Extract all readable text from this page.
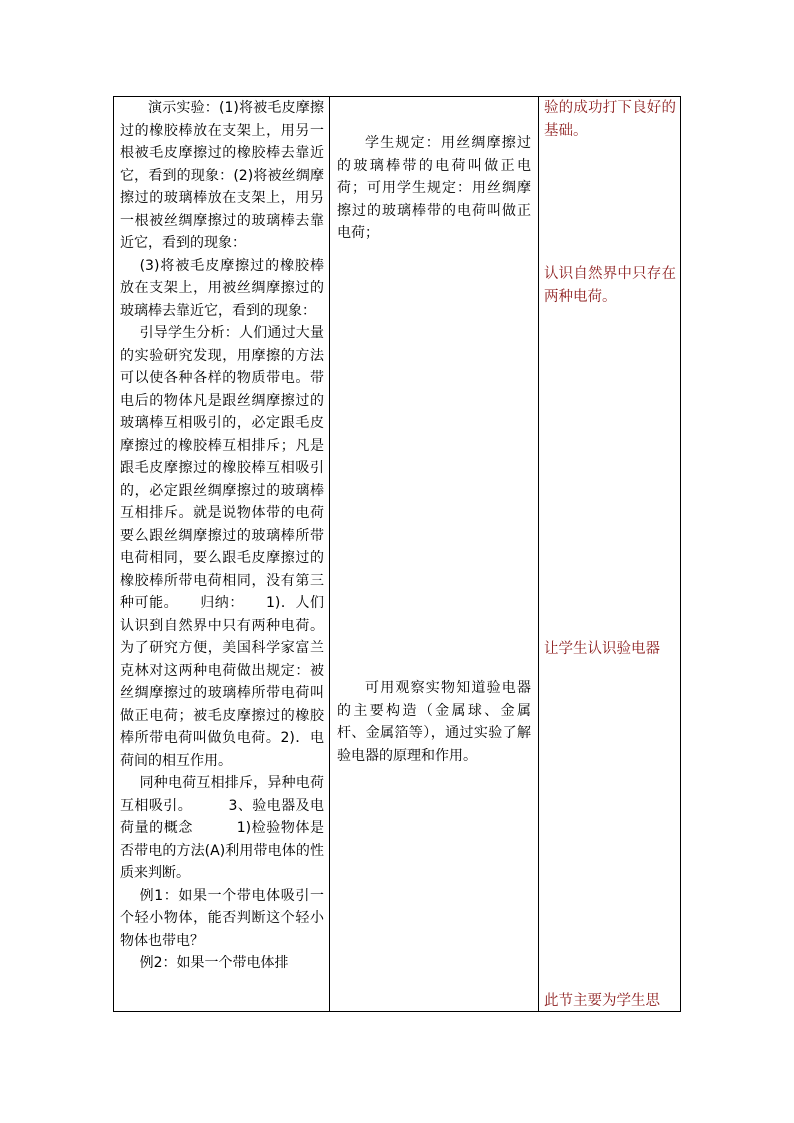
演示实验：(1)将被毛皮摩擦过的橡胶棒放在支架上，用另一根被毛皮摩擦过的橡胶棒去靠近它，看到的现象：(2)将被丝绸摩擦过的玻璃棒放在支架上，用另一根被丝绸摩擦过的玻璃棒去靠近它，看到的现象：

(3)将被毛皮摩擦过的橡胶棒放在支架上，用被丝绸摩擦过的玻璃棒去靠近它，看到的现象：

引导学生分析：人们通过大量的实验研究发现，用摩擦的方法可以使各种各样的物质带电。带电后的物体凡是跟丝绸摩擦过的玻璃棒互相吸引的，必定跟毛皮摩擦过的橡胶棒互相排斥；凡是跟毛皮摩擦过的橡胶棒互相吸引的，必定跟丝绸摩擦过的玻璃棒互相排斥。就是说物体带的电荷要么跟丝绸摩擦过的玻璃棒所带电荷相同，要么跟毛皮摩擦过的橡胶棒所带电荷相同，没有第三种可能。　　归纳：　　1)．人们认识到自然界中只有两种电荷。为了研究方便，美国科学家富兰克林对这两种电荷做出规定：被丝绸摩擦过的玻璃棒所带电荷叫做正电荷；被毛皮摩擦过的橡胶棒所带电荷叫做负电荷。2)．电荷间的相互作用。

同种电荷互相排斥，异种电荷互相吸引。　　　3、验电器及电荷量的概念　　　1)检验物体是否带电的方法(A)利用带电体的性质来判断。

例1：如果一个带电体吸引一个轻小物体，能否判断这个轻小物体也带电？

例2：如果一个带电体排

学生规定：用丝绸摩擦过的玻璃棒带的电荷叫做正电荷；可用学生规定：用丝绸摩擦过的玻璃棒带的电荷叫做正电荷；

可用观察实物知道验电器的主要构造（金属球、金属杆、金属箔等），通过实验了解验电器的原理和作用。

验的成功打下良好的基础。

认识自然界中只存在两种电荷。

让学生认识验电器

此节主要为学生思
